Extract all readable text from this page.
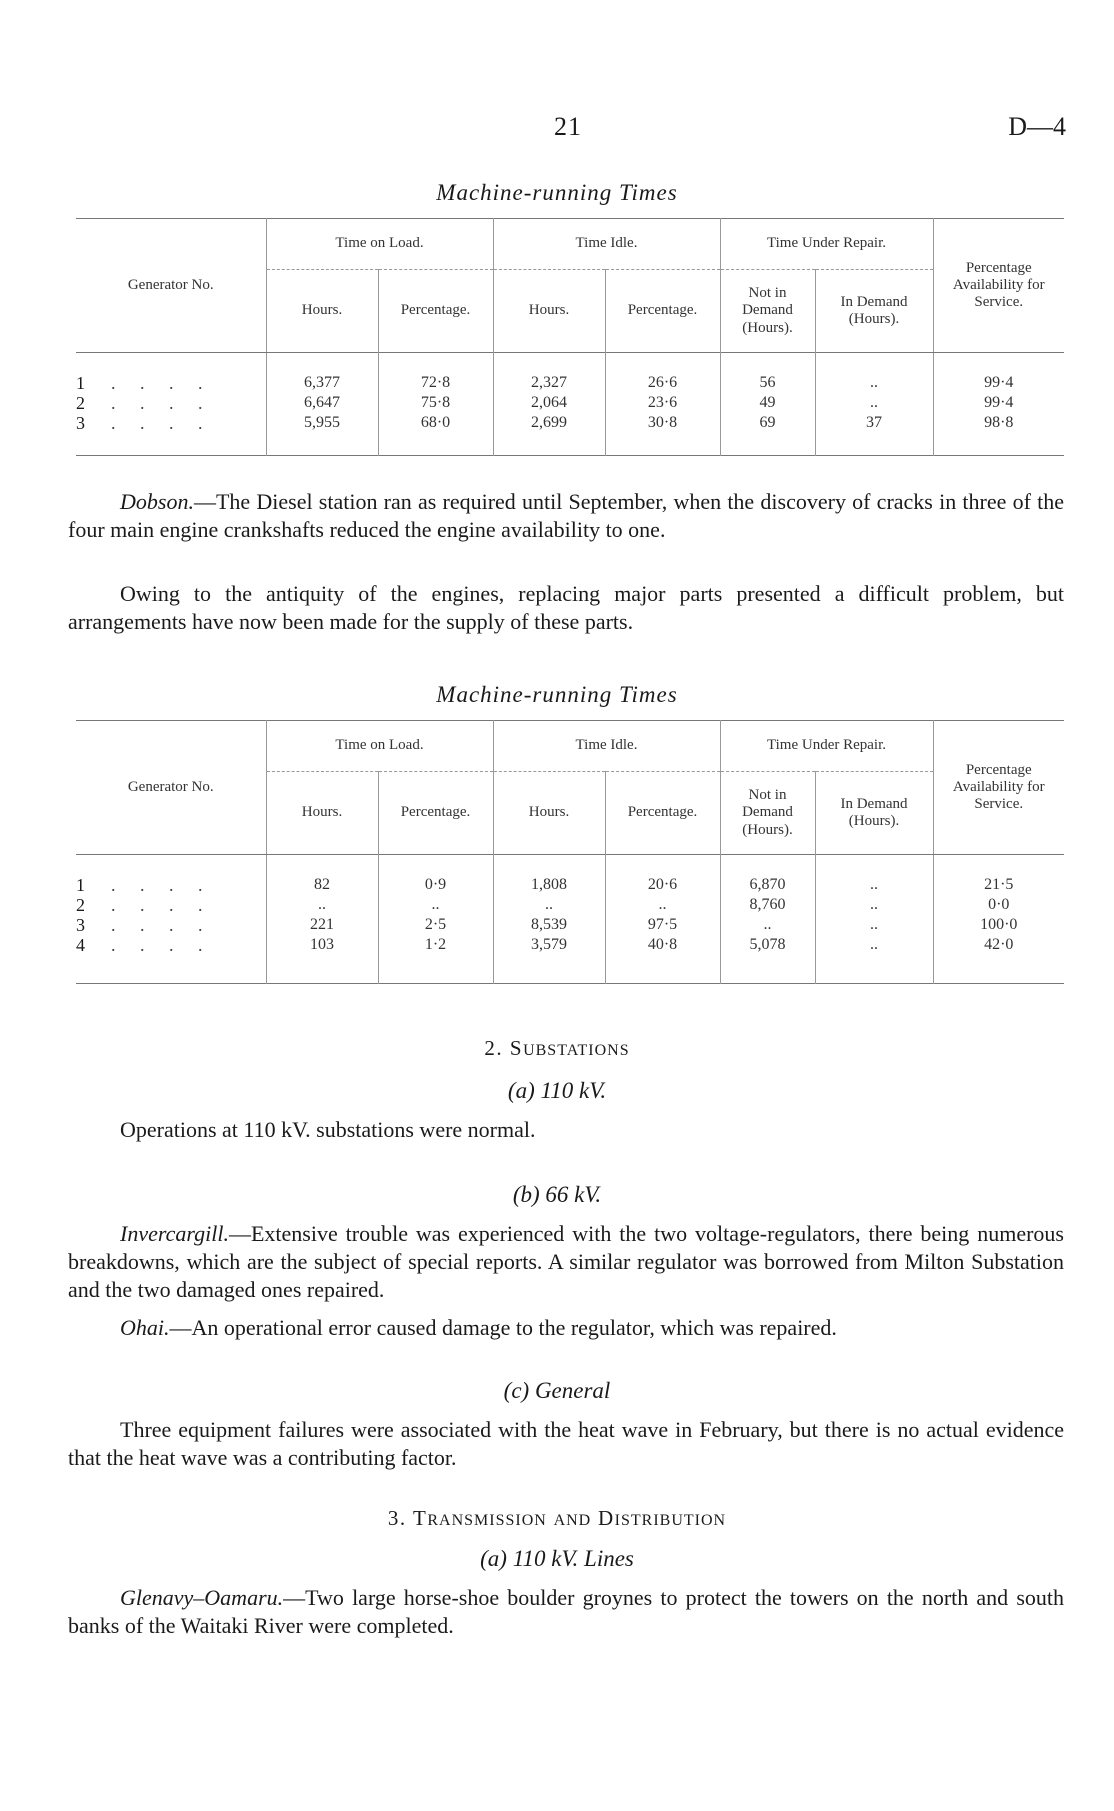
21	D—4
Machine-running Times
Generator No.	Time on Load.		Time Idle.		Time Under Repair.		Percentage Availability for Service.
	Hours.	Percentage.	Hours.	Percentage.	Not in Demand (Hours).	In Demand (Hours).	

1 . . . .	6,377	72·8	2,327	26·6	56	..	99·4
2 . . . .	6,647	75·8	2,064	23·6	49	..	99·4
3 . . . .	5,955	68·0	2,699	30·8	69	37	98·8

Dobson.—The Diesel station ran as required until September, when the discovery of cracks in three of the four main engine crankshafts reduced the engine availability to one.
Owing to the antiquity of the engines, replacing major parts presented a difficult problem, but arrangements have now been made for the supply of these parts.
Machine-running Times
Generator No.	Time on Load.		Time Idle.		Time Under Repair.		Percentage Availability for Service.
	Hours.	Percentage.	Hours.	Percentage.	Not in Demand (Hours).	In Demand (Hours).	

1 . . . .	82	0·9	1,808	20·6	6,870	..	21·5
2 . . . .	..	..	..	..	8,760	..	0·0
3 . . . .	221	2·5	8,539	97·5	..	..	100·0
4 . . . .	103	1·2	3,579	40·8	5,078	..	42·0

2. SUBSTATIONS
(a) 110 kV.
Operations at 110 kV. substations were normal.
(b) 66 kV.
Invercargill.—Extensive trouble was experienced with the two voltage-regulators, there being numerous breakdowns, which are the subject of special reports. A similar regulator was borrowed from Milton Substation and the two damaged ones repaired.
Ohai.—An operational error caused damage to the regulator, which was repaired.
(c) General
Three equipment failures were associated with the heat wave in February, but there is no actual evidence that the heat wave was a contributing factor.
3. TRANSMISSION AND DISTRIBUTION
(a) 110 kV. Lines
Glenavy–Oamaru.—Two large horse-shoe boulder groynes to protect the towers on the north and south banks of the Waitaki River were completed.
